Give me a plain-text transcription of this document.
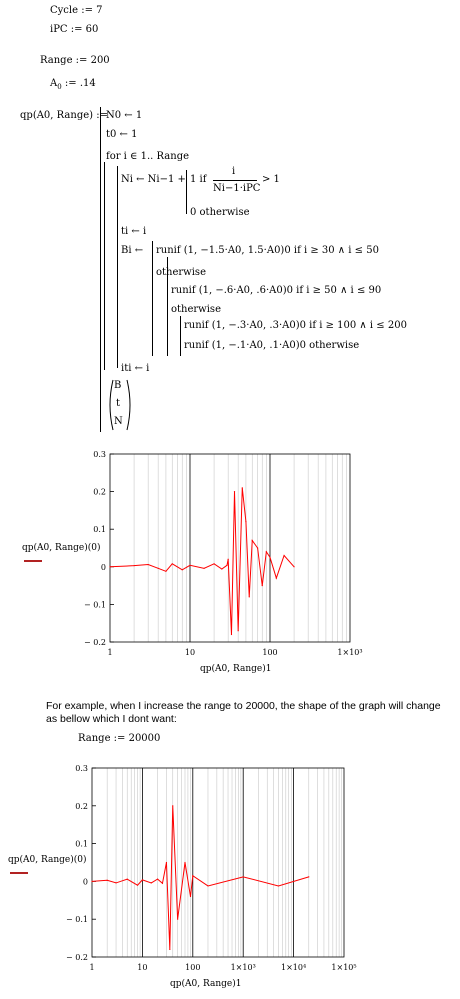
Cycle := 7
iPC := 60
Range := 200
$A_0$ := .14
qp(A0, Range) :=
N0 ← 1
t0 ← 1
for i ∈ 1.. Range
Ni ← Ni−1 + 1 if
i
Ni−1·iPC
> 1
0 otherwise
ti ← i
Bi ← runif (1, −1.5·A0, 1.5·A0)0 if i ≥ 30 ∧ i ≤ 50
otherwise
runif (1, −.6·A0, .6·A0)0 if i ≥ 50 ∧ i ≤ 90
otherwise
runif (1, −.3·A0, .3·A0)0 if i ≥ 100 ∧ i ≤ 200
runif (1, −.1·A0, .1·A0)0 otherwise
iti ← i
B
t
N
qp(A0, Range)(0)
0.3
0.2
0.1
0
− 0.1
− 0.2
1	10	100	1×10³
qp(A0, Range)1
For example, when I increase the range to 20000, the shape of the graph will change as bellow which I dont want:
Range := 20000
qp(A0, Range)(0)
0.3
0.2
0.1
0
− 0.1
− 0.2
1	10	100	1×10³	1×10⁴	1×10⁵
qp(A0, Range)1
